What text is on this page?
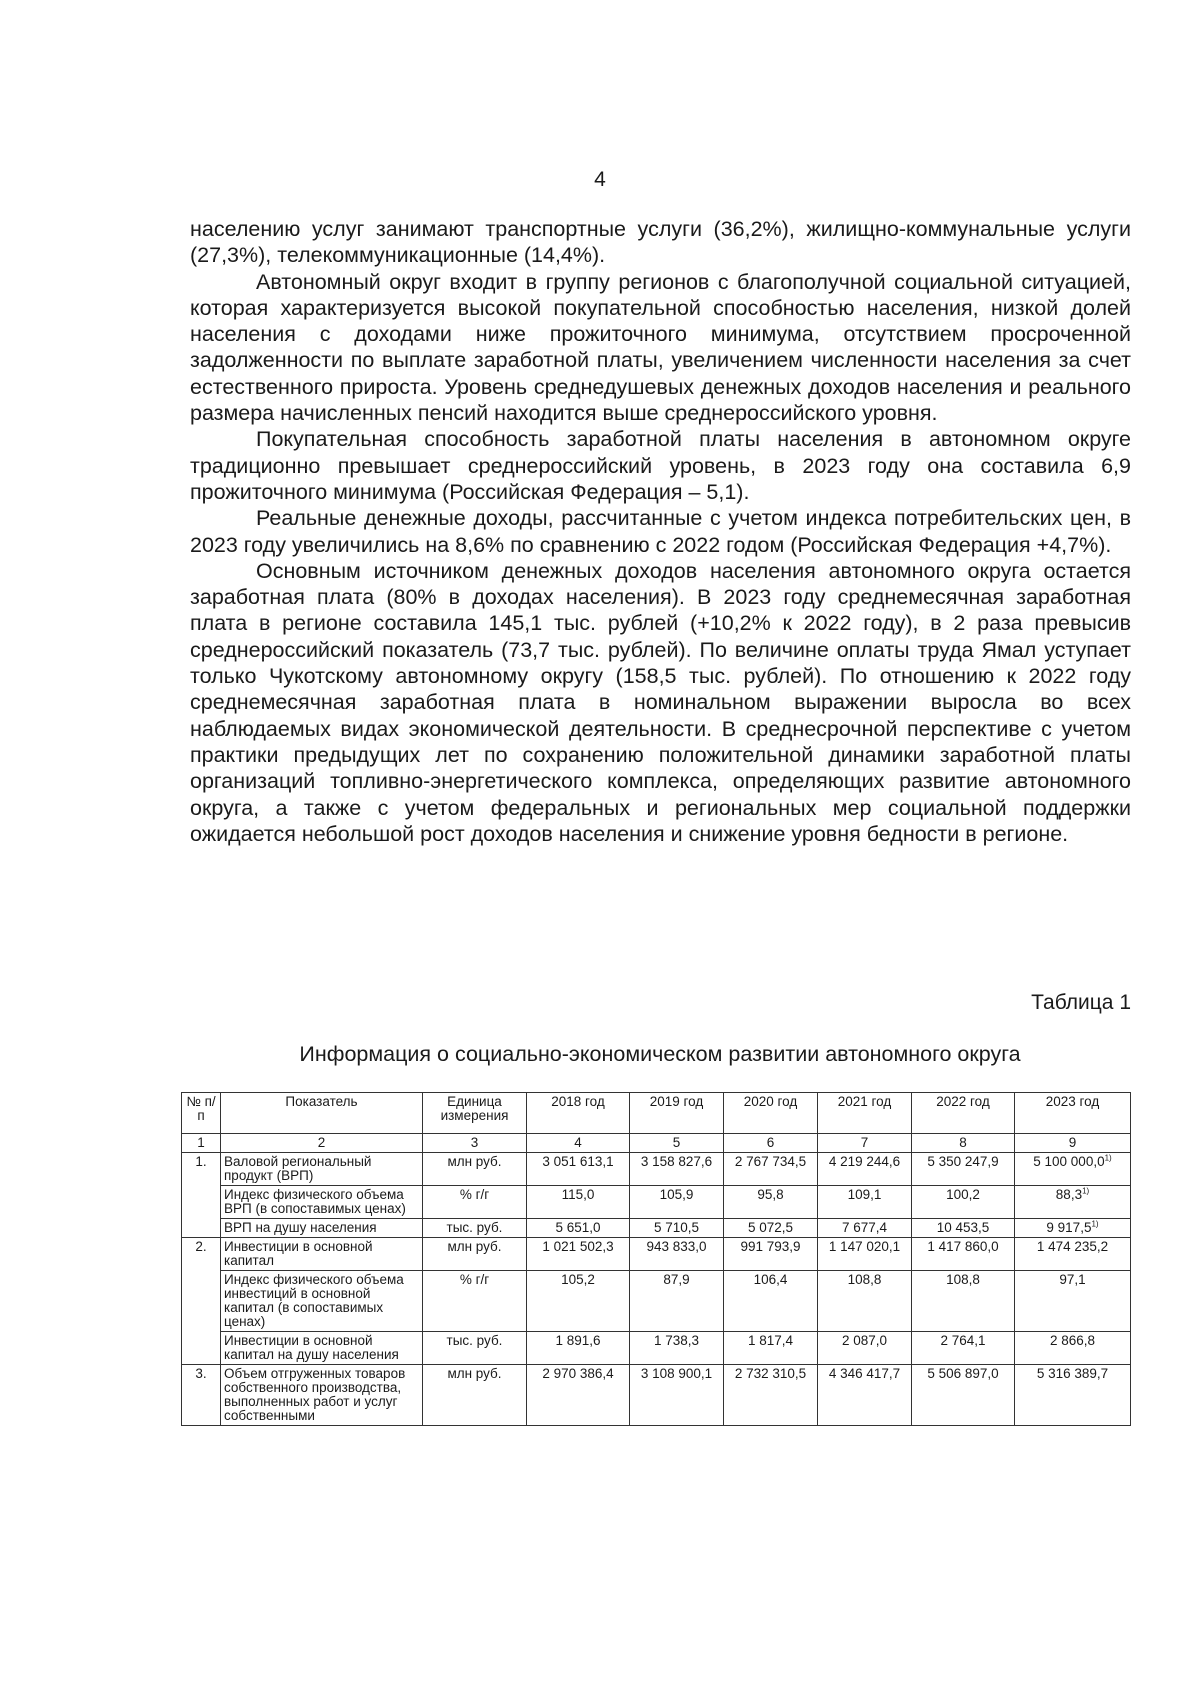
4

населению услуг занимают транспортные услуги (36,2%), жилищно-коммунальные услуги (27,3%), телекоммуникационные (14,4%).

Автономный округ входит в группу регионов с благополучной социальной ситуацией, которая характеризуется высокой покупательной способностью населения, низкой долей населения с доходами ниже прожиточного минимума, отсутствием просроченной задолженности по выплате заработной платы, увеличением численности населения за счет естественного прироста. Уровень среднедушевых денежных доходов населения и реального размера начисленных пенсий находится выше среднероссийского уровня.

Покупательная способность заработной платы населения в автономном округе традиционно превышает среднероссийский уровень, в 2023 году она составила 6,9 прожиточного минимума (Российская Федерация – 5,1).

Реальные денежные доходы, рассчитанные с учетом индекса потребительских цен, в 2023 году увеличились на 8,6% по сравнению с 2022 годом (Российская Федерация +4,7%).

Основным источником денежных доходов населения автономного округа остается заработная плата (80% в доходах населения). В 2023 году среднемесячная заработная плата в регионе составила 145,1 тыс. рублей (+10,2% к 2022 году), в 2 раза превысив среднероссийский показатель (73,7 тыс. рублей). По величине оплаты труда Ямал уступает только Чукотскому автономному округу (158,5 тыс. рублей). По отношению к 2022 году среднемесячная заработная плата в номинальном выражении выросла во всех наблюдаемых видах экономической деятельности. В среднесрочной перспективе с учетом практики предыдущих лет по сохранению положительной динамики заработной платы организаций топливно-энергетического комплекса, определяющих развитие автономного округа, а также с учетом федеральных и региональных мер социальной поддержки ожидается небольшой рост доходов населения и снижение уровня бедности в регионе.

Таблица 1
Информация о социально-экономическом развитии автономного округа
№ п/п	Показатель	Единица измерения	2018 год	2019 год	2020 год	2021 год	2022 год	2023 год
1	2	3	4	5	6	7	8	9
1.	Валовой региональный продукт (ВРП)	млн руб.	3 051 613,1	3 158 827,6	2 767 734,5	4 219 244,6	5 350 247,9	5 100 000,0$^{1)}$
	Индекс физического объема ВРП (в сопоставимых ценах)	% г/г	115,0	105,9	95,8	109,1	100,2	88,3$^{1)}$
	ВРП на душу населения	тыс. руб.	5 651,0	5 710,5	5 072,5	7 677,4	10 453,5	9 917,5$^{1)}$
2.	Инвестиции в основной капитал	млн руб.	1 021 502,3	943 833,0	991 793,9	1 147 020,1	1 417 860,0	1 474 235,2
	Индекс физического объема инвестиций в основной капитал (в сопоставимых ценах)	% г/г	105,2	87,9	106,4	108,8	108,8	97,1
	Инвестиции в основной капитал на душу населения	тыс. руб.	1 891,6	1 738,3	1 817,4	2 087,0	2 764,1	2 866,8
3.	Объем отгруженных товаров собственного производства, выполненных работ и услуг собственными	млн руб.	2 970 386,4	3 108 900,1	2 732 310,5	4 346 417,7	5 506 897,0	5 316 389,7
